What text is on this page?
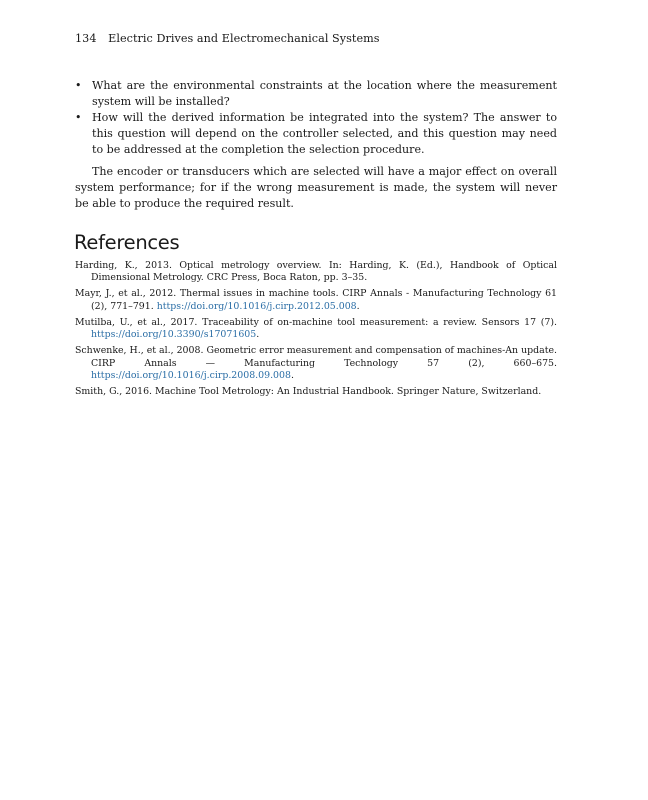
134 Electric Drives and Electromechanical Systems
• What are the environmental constraints at the location where the measurement system will be installed?
• How will the derived information be integrated into the system? The answer to this question will depend on the controller selected, and this question may need to be addressed at the completion the selection procedure.

The encoder or transducers which are selected will have a major effect on overall system performance; for if the wrong measurement is made, the system will never be able to produce the required result.

References
Harding, K., 2013. Optical metrology overview. In: Harding, K. (Ed.), Handbook of Optical Dimensional Metrology. CRC Press, Boca Raton, pp. 3–35.
Mayr, J., et al., 2012. Thermal issues in machine tools. CIRP Annals - Manufacturing Technology 61 (2), 771–791. https://doi.org/10.1016/j.cirp.2012.05.008.
Mutilba, U., et al., 2017. Traceability of on-machine tool measurement: a review. Sensors 17 (7). https://doi.org/10.3390/s17071605.
Schwenke, H., et al., 2008. Geometric error measurement and compensation of machines-An update. CIRP Annals — Manufacturing Technology 57 (2), 660–675. https://doi.org/10.1016/j.cirp.2008.09.008.
Smith, G., 2016. Machine Tool Metrology: An Industrial Handbook. Springer Nature, Switzerland.
